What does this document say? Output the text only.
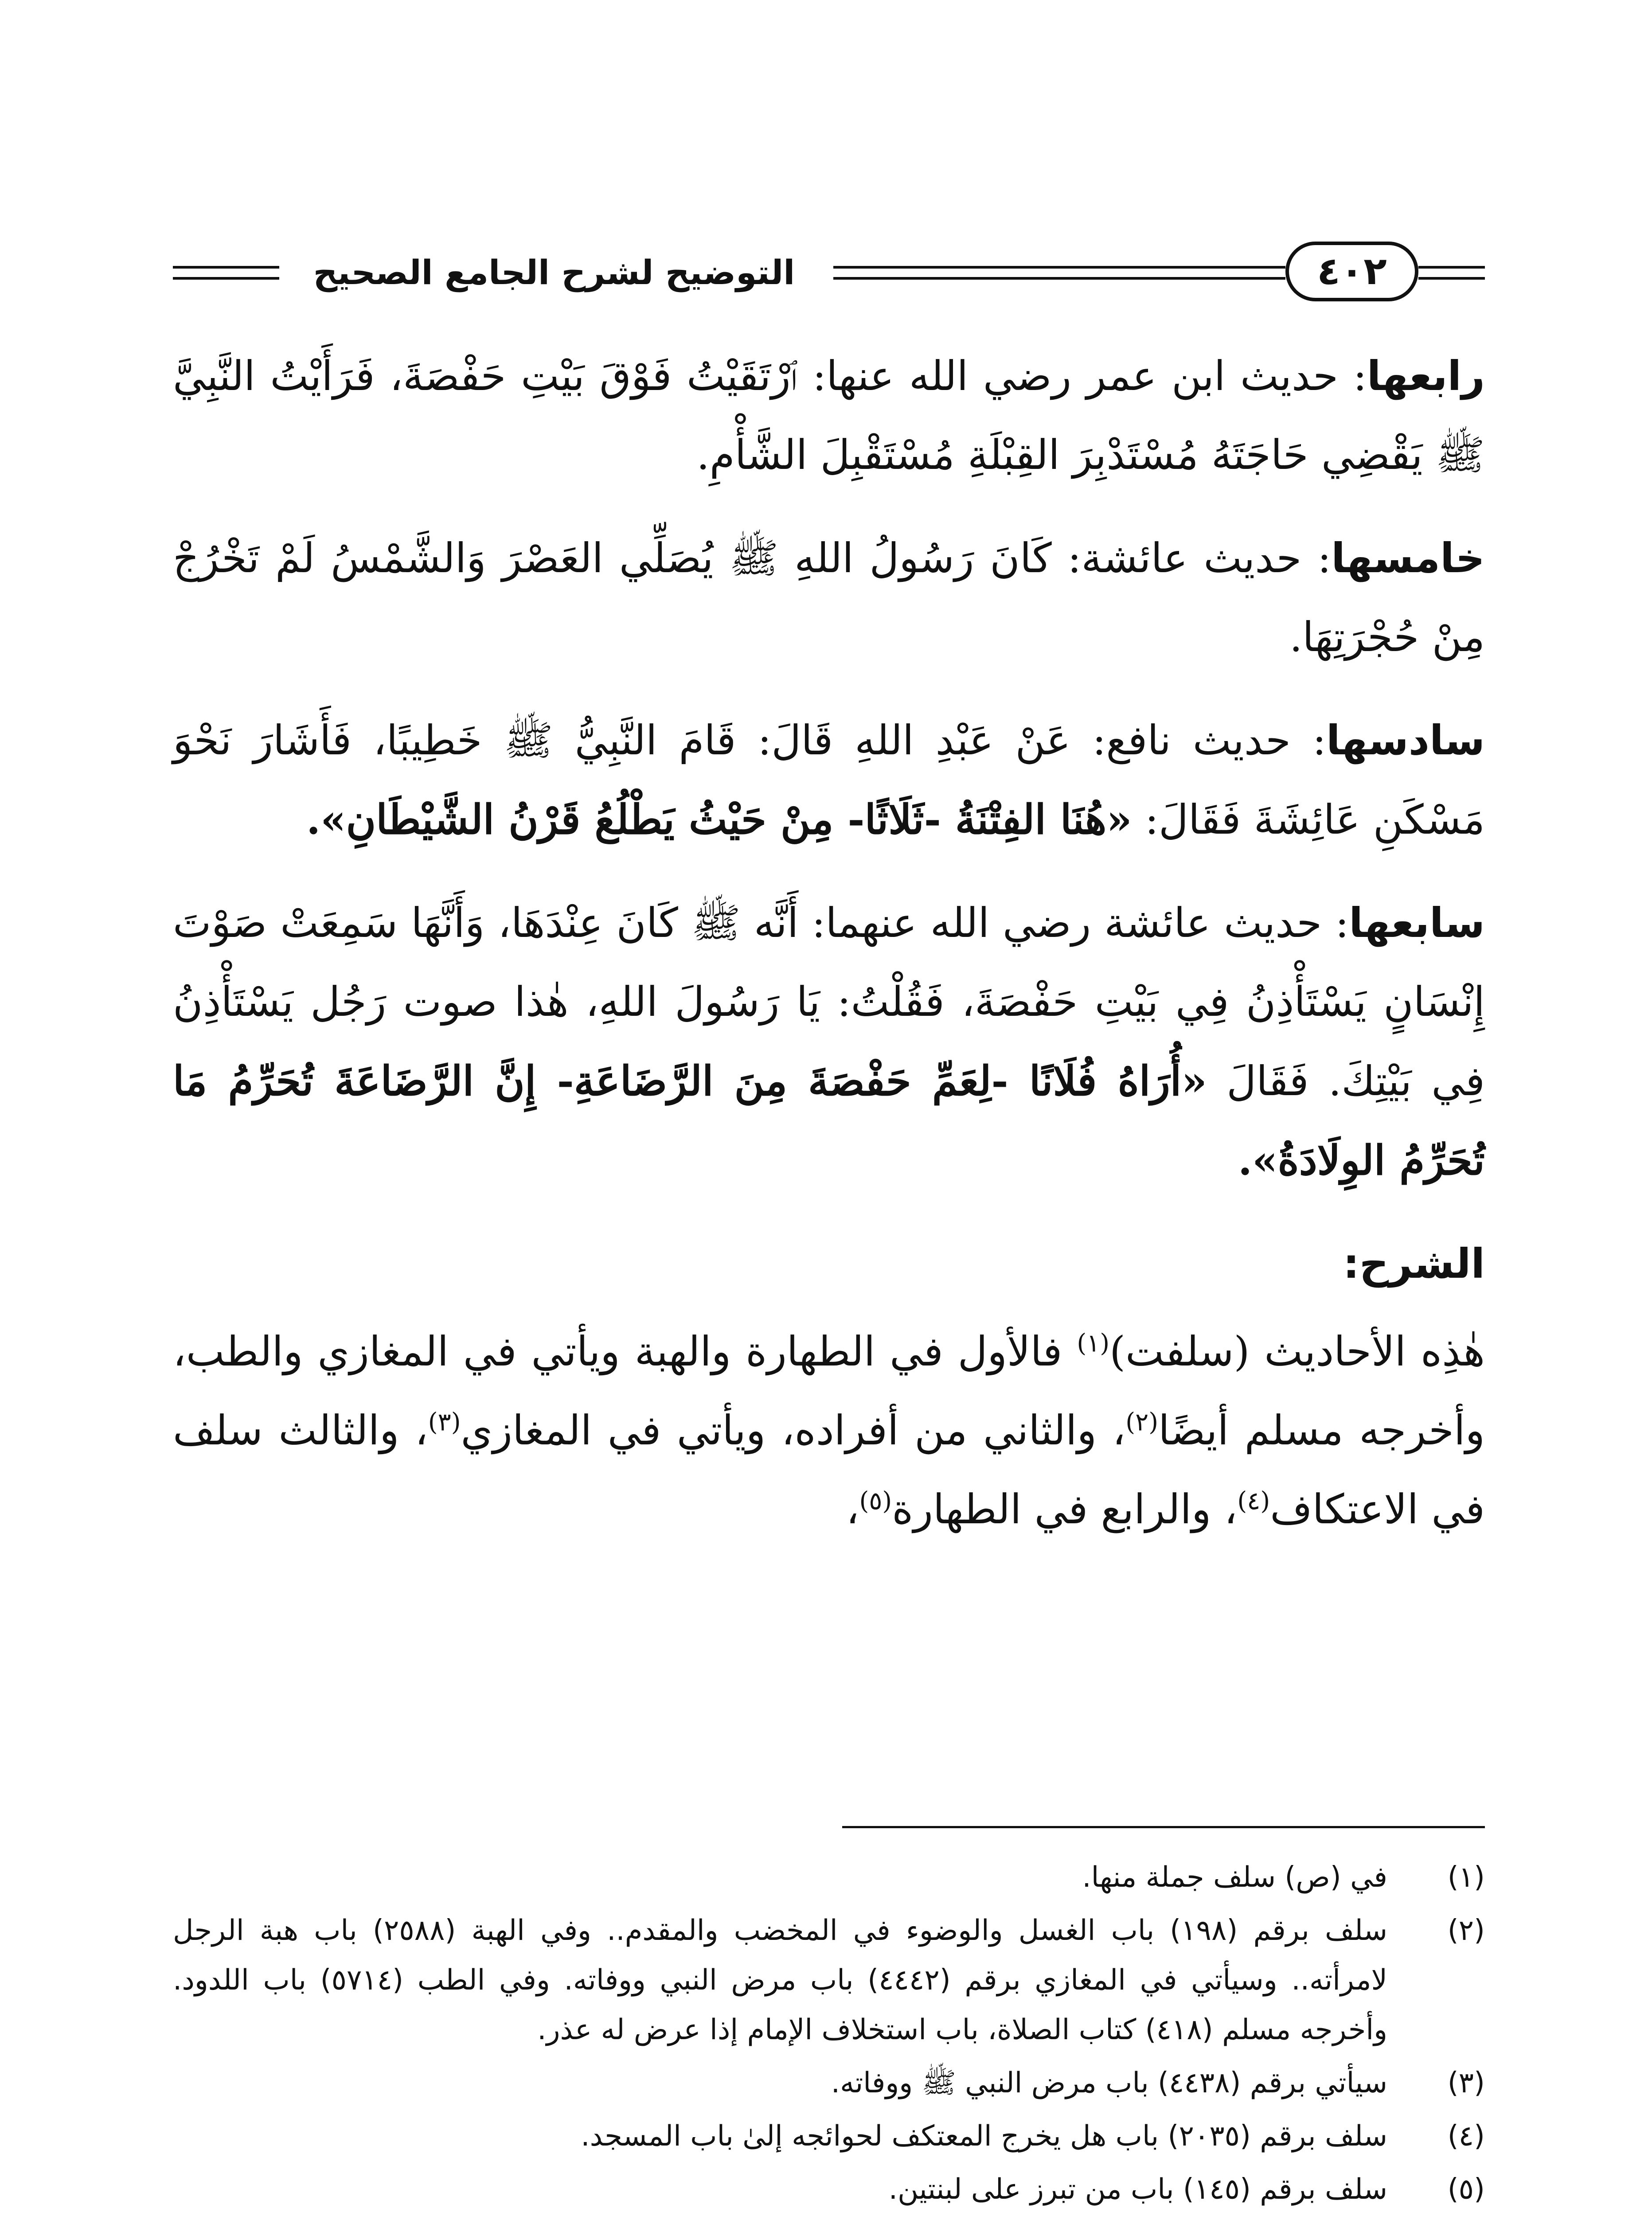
التوضيح لشرح الجامع الصحيح	٤٠٢

رابعها: حديث ابن عمر رضي الله عنها: ٱرْتَقَيْتُ فَوْقَ بَيْتِ حَفْصَةَ، فَرَأَيْتُ النَّبِيَّ ﷺ يَقْضِي حَاجَتَهُ مُسْتَدْبِرَ القِبْلَةِ مُسْتَقْبِلَ الشَّأْمِ.

خامسها: حديث عائشة: كَانَ رَسُولُ اللهِ ﷺ يُصَلِّي العَصْرَ وَالشَّمْسُ لَمْ تَخْرُجْ مِنْ حُجْرَتِهَا.

سادسها: حديث نافع: عَنْ عَبْدِ اللهِ قَالَ: قَامَ النَّبِيُّ ﷺ خَطِيبًا، فَأَشَارَ نَحْوَ مَسْكَنِ عَائِشَةَ فَقَالَ: «هُنَا الفِتْنَةُ -ثَلَاثًا- مِنْ حَيْثُ يَطْلُعُ قَرْنُ الشَّيْطَانِ».

سابعها: حديث عائشة رضي الله عنهما: أَنَّه ﷺ كَانَ عِنْدَهَا، وَأَنَّهَا سَمِعَتْ صَوْتَ إِنْسَانٍ يَسْتَأْذِنُ فِي بَيْتِ حَفْصَةَ، فَقُلْتُ: يَا رَسُولَ اللهِ، هٰذا صوت رَجُل يَسْتَأْذِنُ فِي بَيْتِكَ. فَقَالَ «أُرَاهُ فُلَانًا -لِعَمِّ حَفْصَةَ مِنَ الرَّضَاعَةِ- إِنَّ الرَّضَاعَةَ تُحَرِّمُ مَا تُحَرِّمُ الوِلَادَةُ».

الشرح:

هٰذِه الأحاديث (سلفت)$^{(١)}$ فالأول في الطهارة والهبة ويأتي في المغازي والطب، وأخرجه مسلم أيضًا$^{(٢)}$، والثاني من أفراده، ويأتي في المغازي$^{(٣)}$، والثالث سلف في الاعتكاف$^{(٤)}$، والرابع في الطهارة$^{(٥)}$،

(١)
في (ص) سلف جملة منها.
(٢)
سلف برقم (١٩٨) باب الغسل والوضوء في المخضب والمقدم.. وفي الهبة (٢٥٨٨) باب هبة الرجل لامرأته.. وسيأتي في المغازي برقم (٤٤٤٢) باب مرض النبي ووفاته. وفي الطب (٥٧١٤) باب اللدود. وأخرجه مسلم (٤١٨) كتاب الصلاة، باب استخلاف الإمام إذا عرض له عذر.
(٣)
سيأتي برقم (٤٤٣٨) باب مرض النبي ﷺ ووفاته.
(٤)
سلف برقم (٢٠٣٥) باب هل يخرج المعتكف لحوائجه إلىٰ باب المسجد.
(٥)
سلف برقم (١٤٥) باب من تبرز على لبنتين.
